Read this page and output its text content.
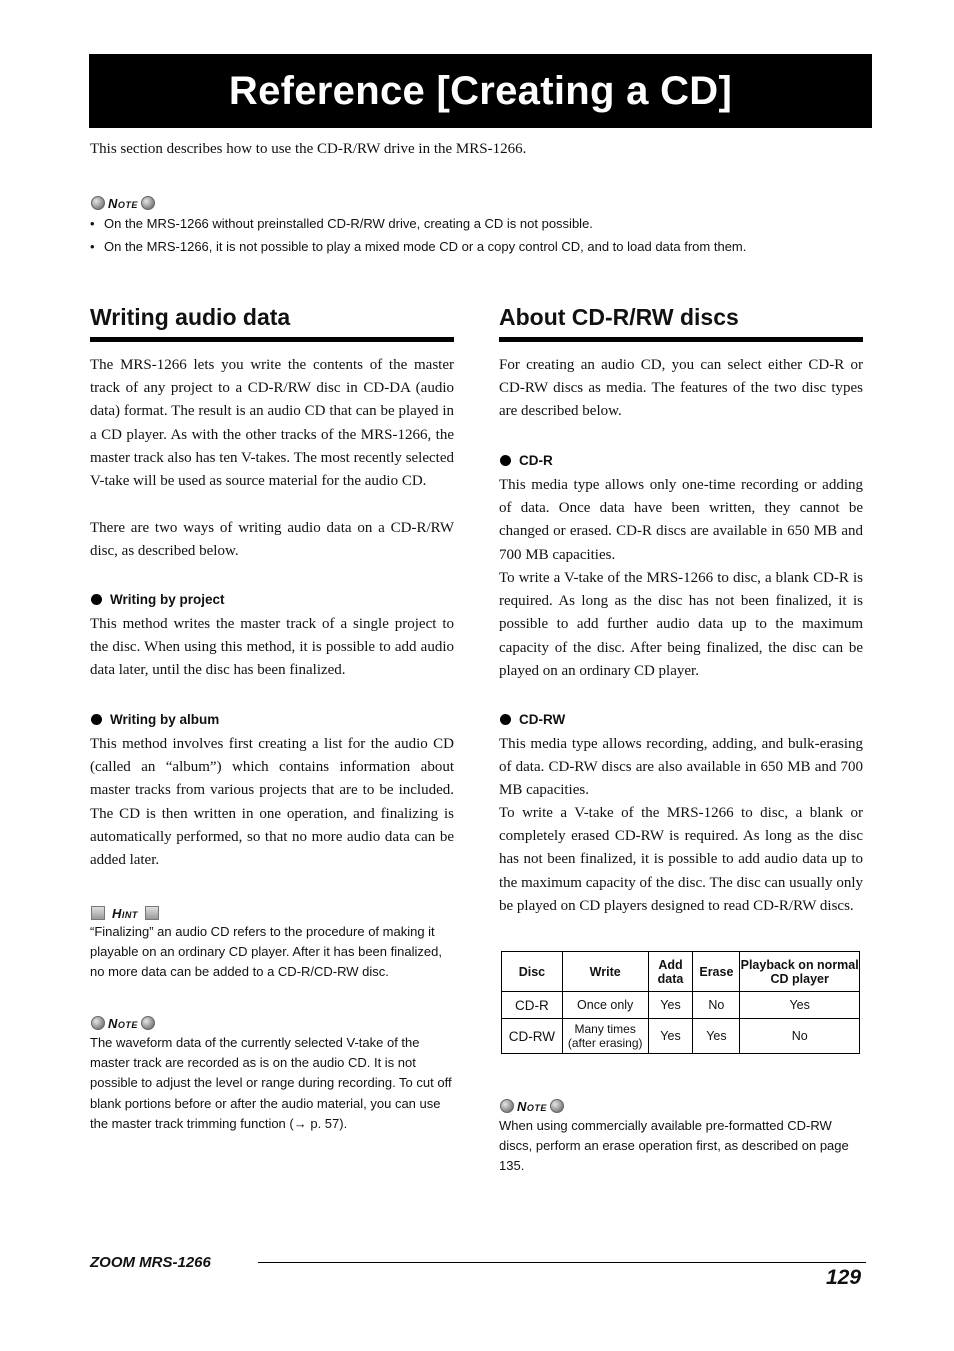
Reference [Creating a CD]
This section describes how to use the CD-R/RW drive in the MRS-1266.
Note
• On the MRS-1266 without preinstalled CD-R/RW drive, creating a CD is not possible.
• On the MRS-1266, it is not possible to play a mixed mode CD or a copy control CD, and to load data from them.
Writing audio data

The MRS-1266 lets you write the contents of the master track of any project to a CD-R/RW disc in CD-DA (audio data) format. The result is an audio CD that can be played in a CD player. As with the other tracks of the MRS-1266, the master track also has ten V-takes. The most recently selected V-take will be used as source material for the audio CD.

There are two ways of writing audio data on a CD-R/RW disc, as described below.

Writing by project

This method writes the master track of a single project to the disc. When using this method, it is possible to add audio data later, until the disc has been finalized.

Writing by album

This method involves first creating a list for the audio CD (called an “album”) which contains information about master tracks from various projects that are to be included. The CD is then written in one operation, and finalizing is automatically performed, so that no more audio data can be added later.

Hint

“Finalizing” an audio CD refers to the procedure of making it playable on an ordinary CD player. After it has been finalized, no more data can be added to a CD-R/CD-RW disc.

Note

The waveform data of the currently selected V-take of the master track are recorded as is on the audio CD. It is not possible to adjust the level or range during recording. To cut off blank portions before or after the audio material, you can use the master track trimming function (→ p. 57).

About CD-R/RW discs

For creating an audio CD, you can select either CD-R or CD-RW discs as media. The features of the two disc types are described below.

CD-R

This media type allows only one-time recording or adding of data. Once data have been written, they cannot be changed or erased. CD-R discs are available in 650 MB and 700 MB capacities.

To write a V-take of the MRS-1266 to disc, a blank CD-R is required. As long as the disc has not been finalized, it is possible to add further audio data up to the maximum capacity of the disc. After being finalized, the disc can be played on an ordinary CD player.

CD-RW

This media type allows recording, adding, and bulk-erasing of data. CD-RW discs are also available in 650 MB and 700 MB capacities.

To write a V-take of the MRS-1266 to disc, a blank or completely erased CD-RW is required. As long as the disc has not been finalized, it is possible to add audio data up to the maximum capacity of the disc. The disc can usually only be played on CD players designed to read CD-R/RW discs.

Disc	Write	Add data	Erase	Playback on normal CD player
CD-R	Once only	Yes	No	Yes
CD-RW	Many times (after erasing)	Yes	Yes	No
Note

When using commercially available pre-formatted CD-RW discs, perform an erase operation first, as described on page 135.

ZOOM MRS-1266
129
